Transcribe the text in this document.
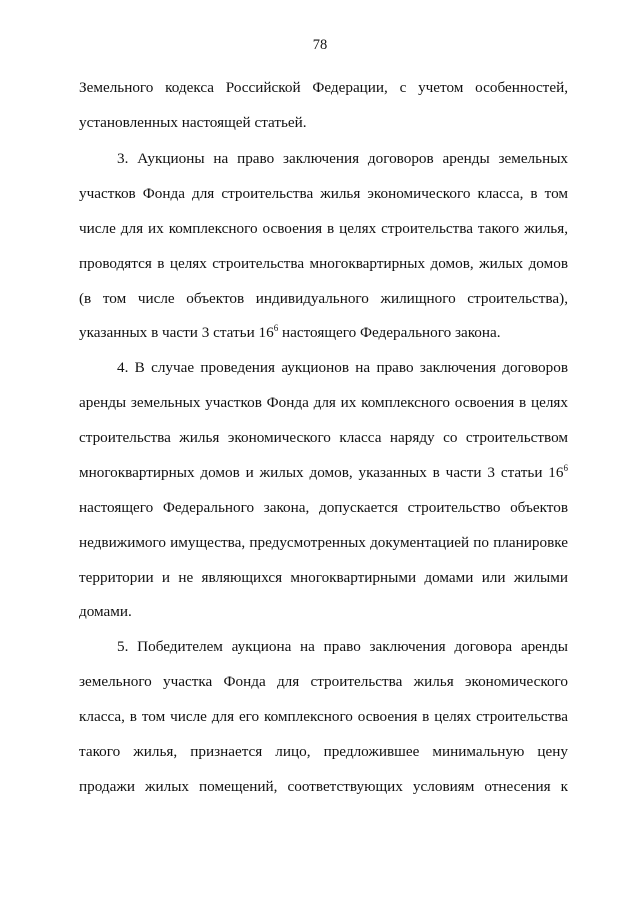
78
Земельного кодекса Российской Федерации, с учетом особенностей,
установленных настоящей статьей.
3. Аукционы на право заключения договоров аренды земельных
участков Фонда для строительства жилья экономического класса, в том
числе для их комплексного освоения в целях строительства такого жилья,
проводятся в целях строительства многоквартирных домов, жилых домов
(в том числе объектов индивидуального жилищного строительства),
указанных в части 3 статьи $16^6$ настоящего Федерального закона.
4. В случае проведения аукционов на право заключения договоров
аренды земельных участков Фонда для их комплексного освоения в целях
строительства жилья экономического класса наряду со строительством
многоквартирных домов и жилых домов, указанных в части 3 статьи $16^6$
настоящего Федерального закона, допускается строительство объектов
недвижимого имущества, предусмотренных документацией по планировке
территории и не являющихся многоквартирными домами или жилыми
домами.
5. Победителем аукциона на право заключения договора аренды
земельного участка Фонда для строительства жилья экономического
класса, в том числе для его комплексного освоения в целях строительства
такого жилья, признается лицо, предложившее минимальную цену
продажи жилых помещений, соответствующих условиям отнесения к
